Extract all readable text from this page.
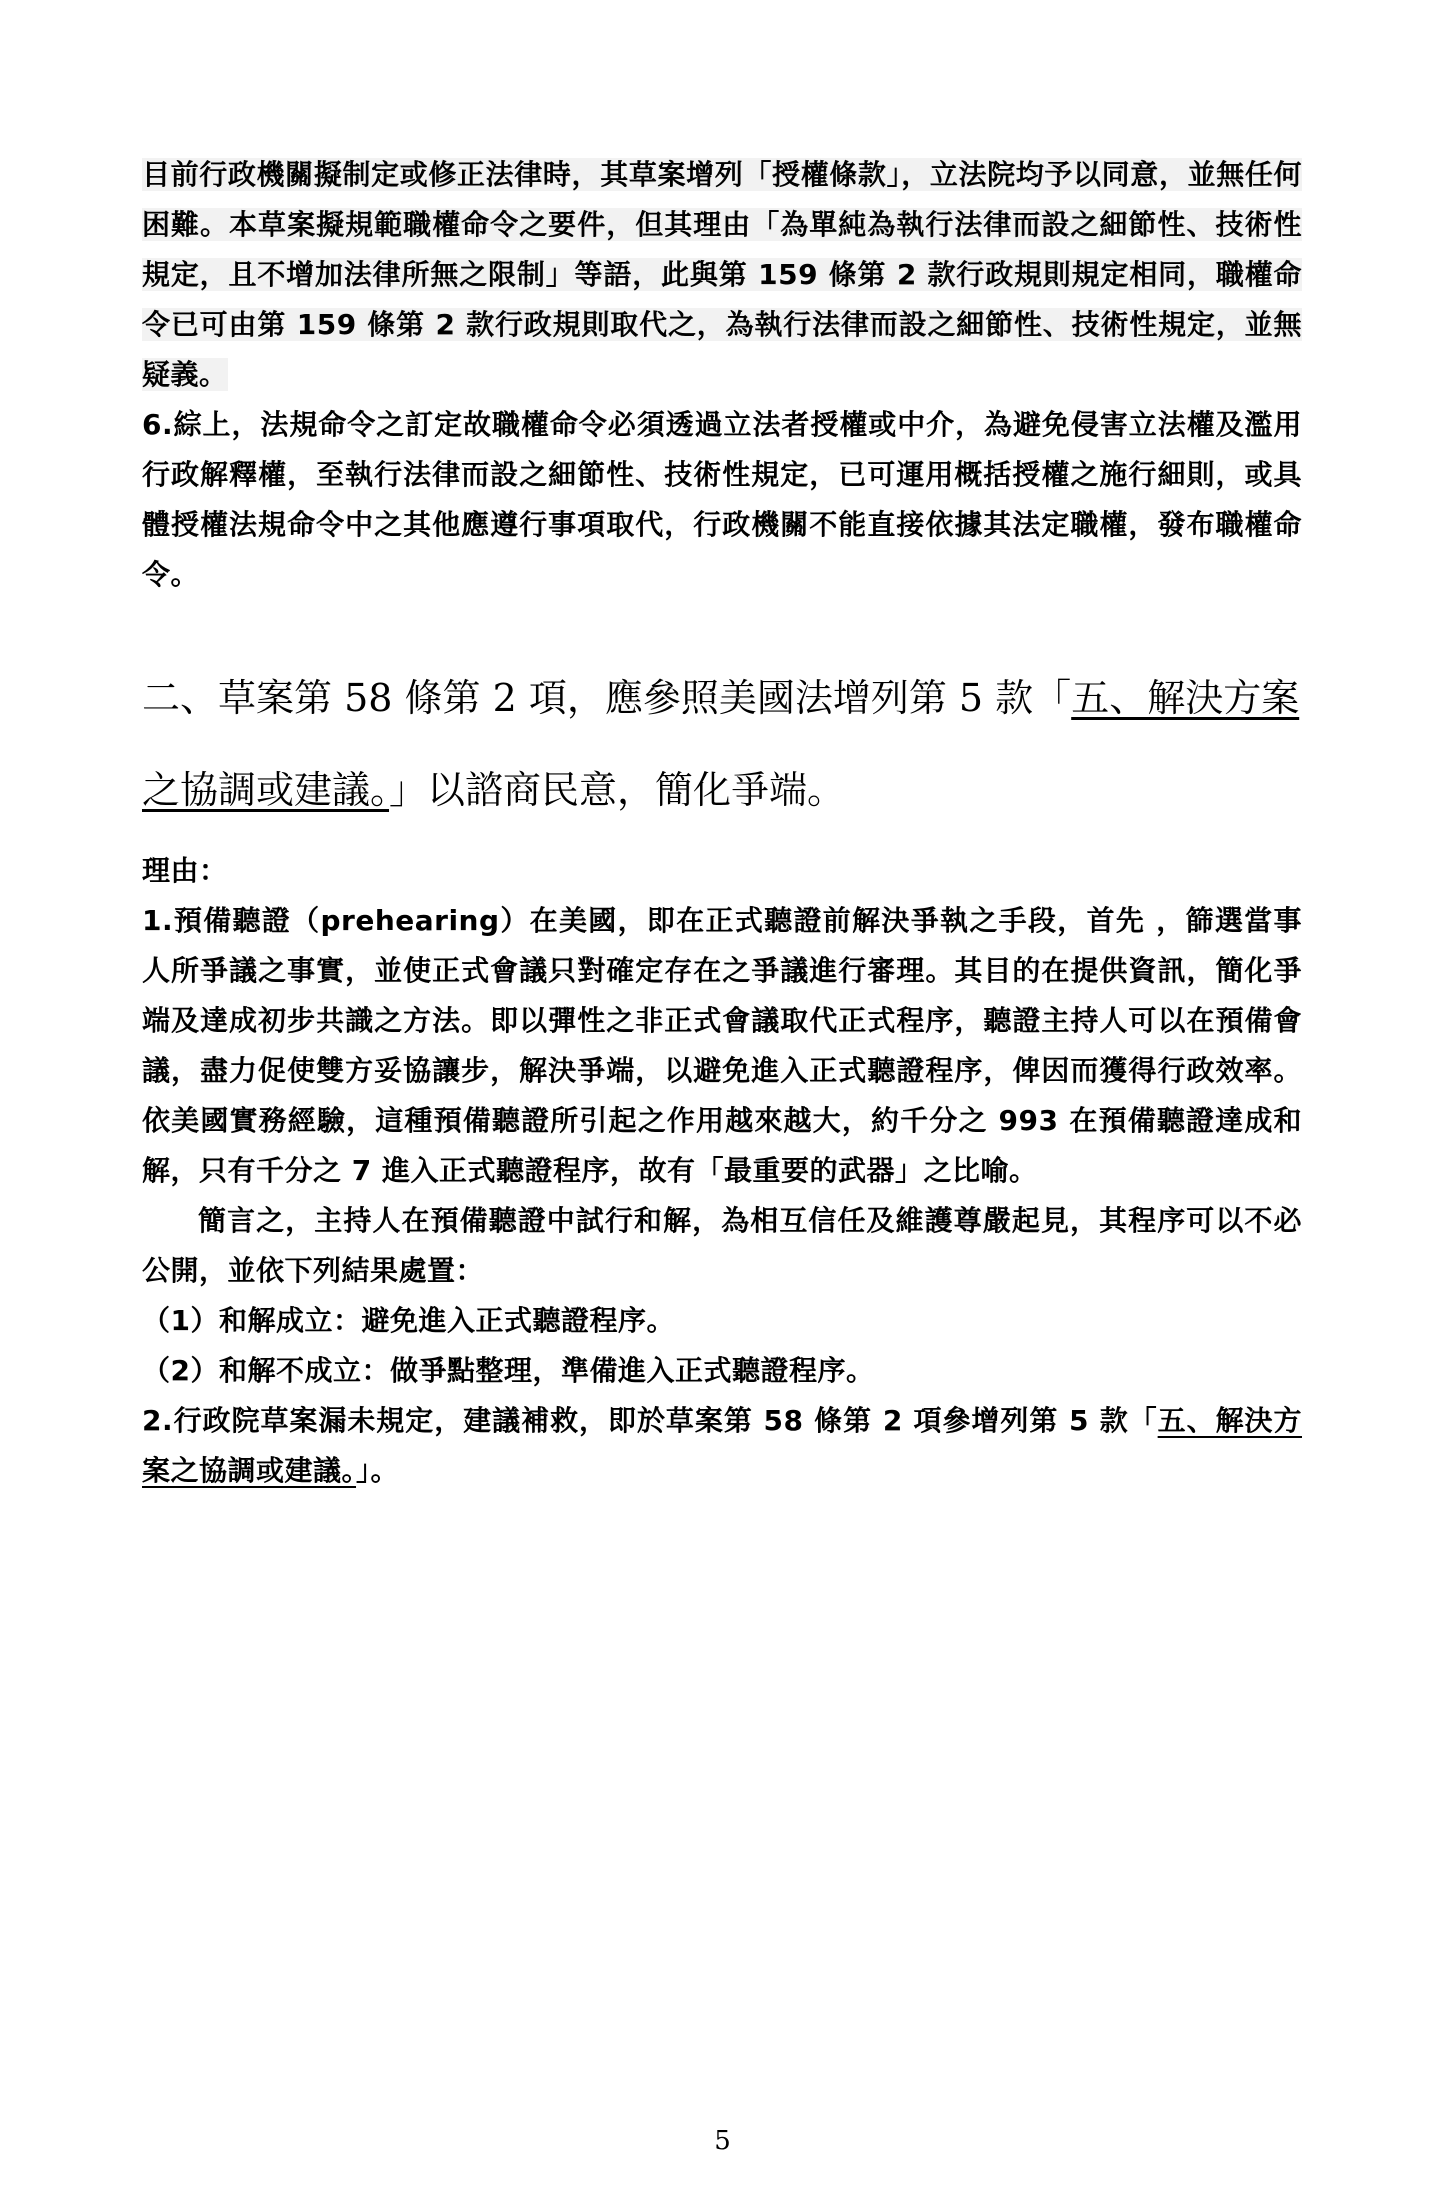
目前行政機關擬制定或修正法律時，其草案增列「授權條款」，立法院均予以同意，並無任何困難。本草案擬規範職權命令之要件，但其理由「為單純為執行法律而設之細節性、技術性規定，且不增加法律所無之限制」等語，此與第 159 條第 2 款行政規則規定相同，職權命令已可由第 159 條第 2 款行政規則取代之，為執行法律而設之細節性、技術性規定，並無疑義。

6.綜上，法規命令之訂定故職權命令必須透過立法者授權或中介，為避免侵害立法權及濫用行政解釋權，至執行法律而設之細節性、技術性規定，已可運用概括授權之施行細則，或具體授權法規命令中之其他應遵行事項取代，行政機關不能直接依據其法定職權，發布職權命令。

二、草案第 58 條第 2 項，應參照美國法增列第 5 款「五、解決方案之協調或建議。」以諮商民意，簡化爭端。

理由：

1.預備聽證（prehearing）在美國，即在正式聽證前解決爭執之手段，首先 ，篩選當事人所爭議之事實，並使正式會議只對確定存在之爭議進行審理。其目的在提供資訊，簡化爭端及達成初步共識之方法。即以彈性之非正式會議取代正式程序，聽證主持人可以在預備會議，盡力促使雙方妥協讓步，解決爭端，以避免進入正式聽證程序，俾因而獲得行政效率。依美國實務經驗，這種預備聽證所引起之作用越來越大，約千分之 993 在預備聽證達成和解，只有千分之 7 進入正式聽證程序，故有「最重要的武器」之比喻。

簡言之，主持人在預備聽證中試行和解，為相互信任及維護尊嚴起見，其程序可以不必公開，並依下列結果處置：

（1）和解成立：避免進入正式聽證程序。

（2）和解不成立：做爭點整理，準備進入正式聽證程序。

2.行政院草案漏未規定，建議補救，即於草案第 58 條第 2 項參增列第 5 款「五、解決方案之協調或建議。」。

5
